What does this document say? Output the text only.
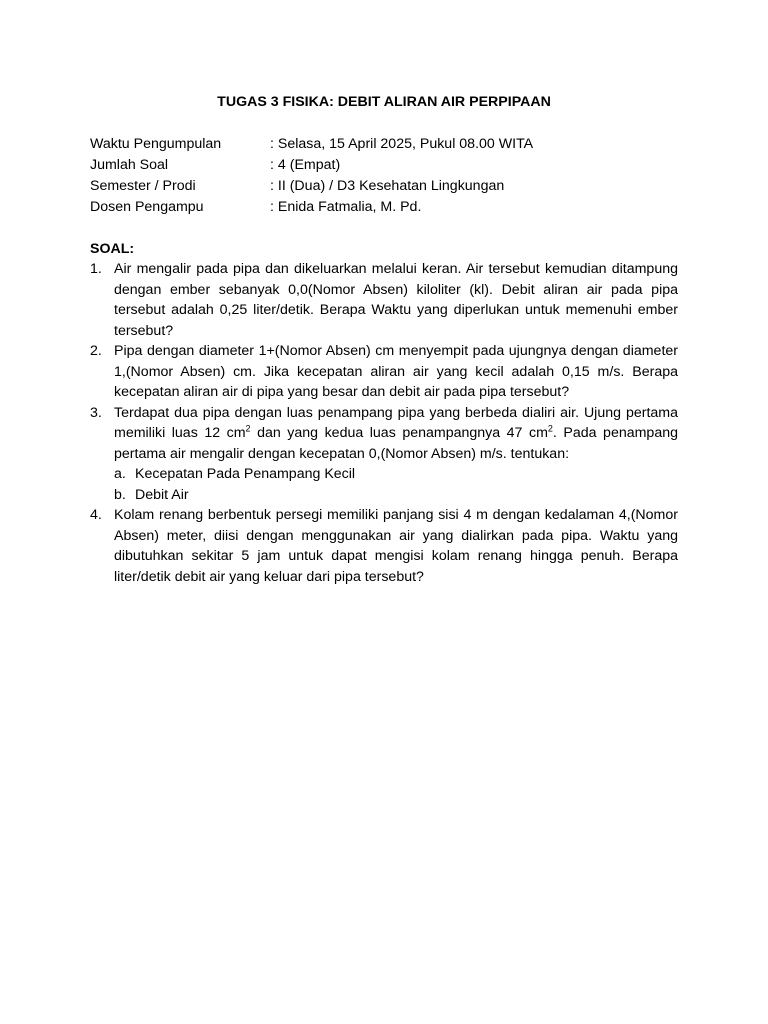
TUGAS 3 FISIKA: DEBIT ALIRAN AIR PERPIPAAN
Waktu Pengumpulan	: Selasa, 15 April 2025, Pukul 08.00 WITA
Jumlah Soal	: 4 (Empat)
Semester / Prodi	: II (Dua) / D3 Kesehatan Lingkungan
Dosen Pengampu	: Enida Fatmalia, M. Pd.
SOAL:
1. Air mengalir pada pipa dan dikeluarkan melalui keran. Air tersebut kemudian ditampung dengan ember sebanyak 0,0(Nomor Absen) kiloliter (kl). Debit aliran air pada pipa tersebut adalah 0,25 liter/detik. Berapa Waktu yang diperlukan untuk memenuhi ember tersebut?
2. Pipa dengan diameter 1+(Nomor Absen) cm menyempit pada ujungnya dengan diameter 1,(Nomor Absen) cm. Jika kecepatan aliran air yang kecil adalah 0,15 m/s. Berapa kecepatan aliran air di pipa yang besar dan debit air pada pipa tersebut?
3. Terdapat dua pipa dengan luas penampang pipa yang berbeda dialiri air. Ujung pertama memiliki luas 12 $cm^2$ dan yang kedua luas penampangnya 47 $cm^2$. Pada penampang pertama air mengalir dengan kecepatan 0,(Nomor Absen) m/s. tentukan:
a. Kecepatan Pada Penampang Kecil
b. Debit Air
4. Kolam renang berbentuk persegi memiliki panjang sisi 4 m dengan kedalaman 4,(Nomor Absen) meter, diisi dengan menggunakan air yang dialirkan pada pipa. Waktu yang dibutuhkan sekitar 5 jam untuk dapat mengisi kolam renang hingga penuh. Berapa liter/detik debit air yang keluar dari pipa tersebut?
